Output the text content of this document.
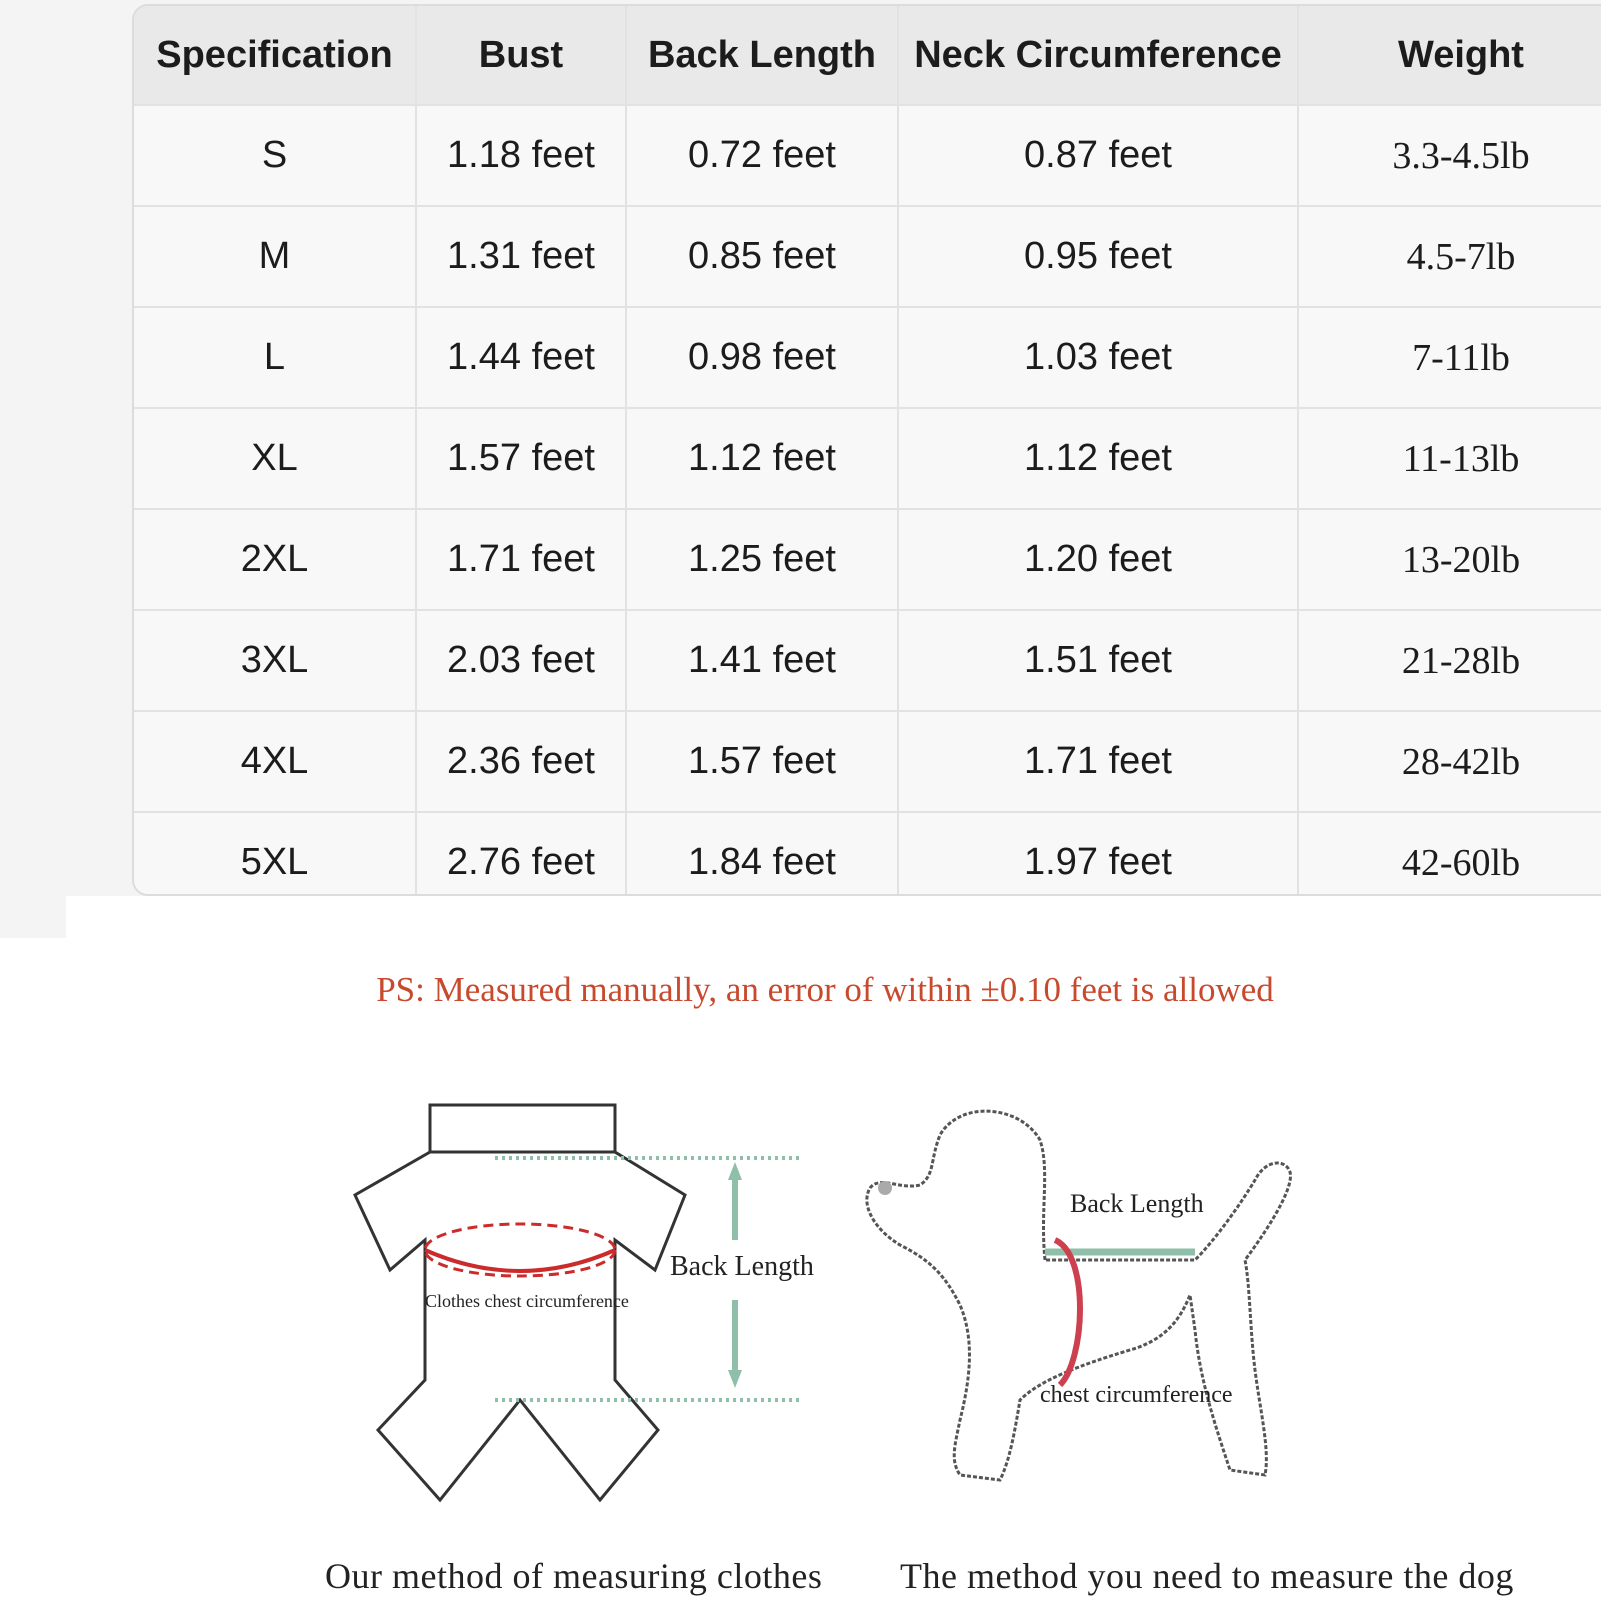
Specification	Bust	Back Length	Neck Circumference	Weight
S	1.18 feet	0.72 feet	0.87 feet	3.3-4.5lb
M	1.31 feet	0.85 feet	0.95 feet	4.5-7lb
L	1.44 feet	0.98 feet	1.03 feet	7-11lb
XL	1.57 feet	1.12 feet	1.12 feet	11-13lb
2XL	1.71 feet	1.25 feet	1.20 feet	13-20lb
3XL	2.03 feet	1.41 feet	1.51 feet	21-28lb
4XL	2.36 feet	1.57 feet	1.71 feet	28-42lb
5XL	2.76 feet	1.84 feet	1.97 feet	42-60lb
PS: Measured manually, an error of within ±0.10 feet is allowed
Back Length
Clothes chest circumference
Back Length
chest circumference
Our method of measuring clothes The method you need to measure the dog
